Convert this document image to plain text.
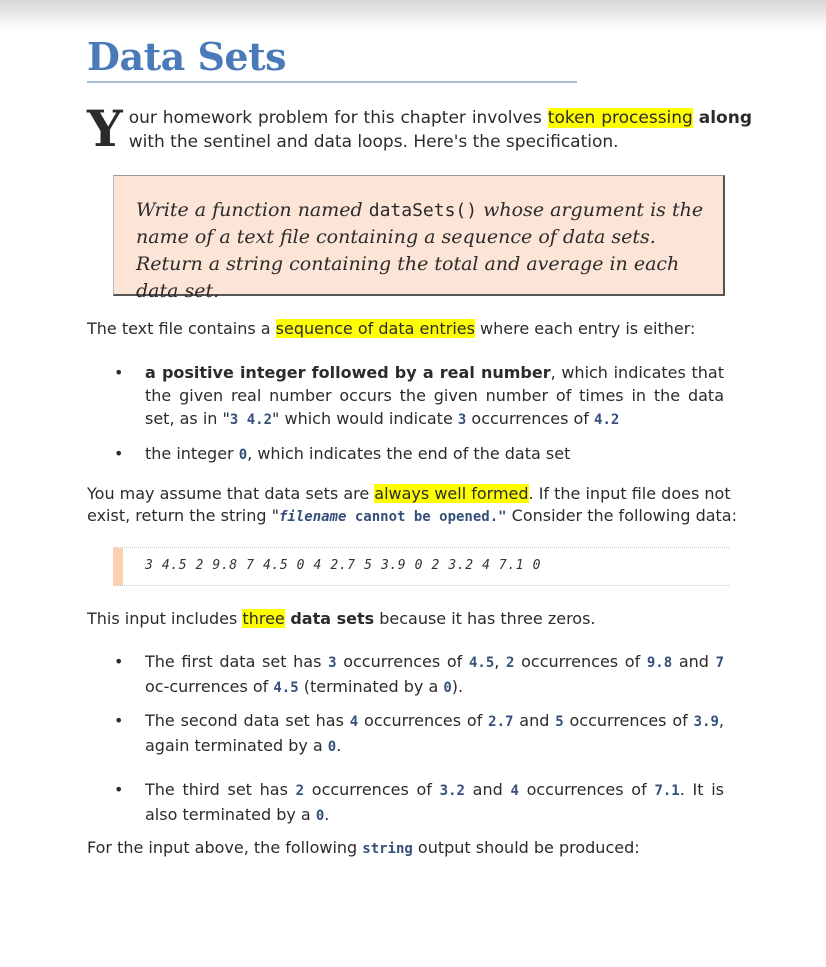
Data Sets
Your homework problem for this chapter involves token processing along with the sentinel and data loops. Here's the specification.
Write a function named dataSets() whose argument is the name of a text file containing a sequence of data sets. Return a string containing the total and average in each data set.

The text file contains a sequence of data entries where each entry is either:

• a positive integer followed by a real number, which indicates that the given real number occurs the given number of times in the data set, as in "3 4.2" which would indicate 3 occurrences of 4.2
• the integer 0, which indicates the end of the data set

You may assume that data sets are always well formed. If the input file does not exist, return the string "filename cannot be opened." Consider the following data:

3 4.5 2 9.8 7 4.5 0 4 2.7 5 3.9 0 2 3.2 4 7.1 0

This input includes three data sets because it has three zeros.

• The first data set has 3 occurrences of 4.5, 2 occurrences of 9.8 and 7 oc-currences of 4.5 (terminated by a 0).
• The second data set has 4 occurrences of 2.7 and 5 occurrences of 3.9, again terminated by a 0.
• The third set has 2 occurrences of 3.2 and 4 occurrences of 7.1. It is also terminated by a 0.

For the input above, the following string output should be produced:
